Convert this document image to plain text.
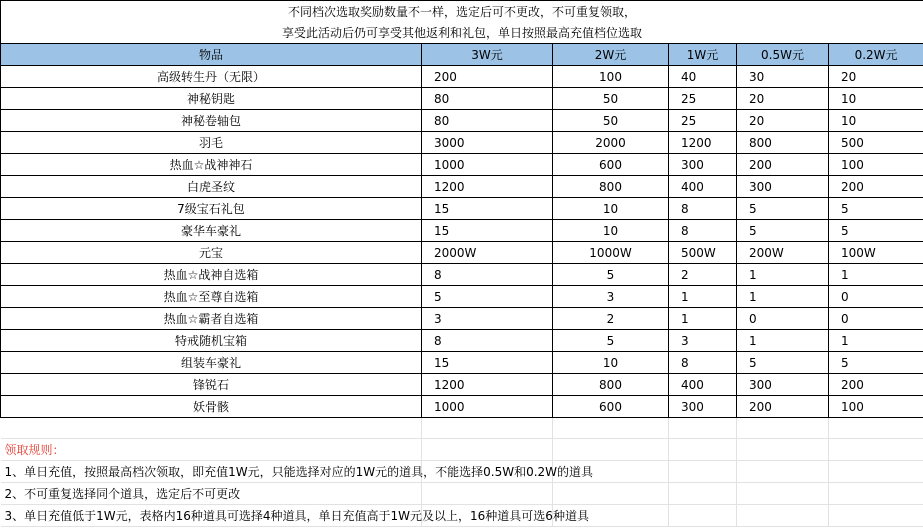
不同档次选取奖励数量不一样，选定后可不更改，不可重复领取，					
享受此活动后仍可享受其他返利和礼包，单日按照最高充值档位选取					
物品	3W元	2W元	1W元	0.5W元	0.2W元
高级转生丹（无限）	200	100	40	30	20
神秘钥匙	80	50	25	20	10
神秘卷轴包	80	50	25	20	10
羽毛	3000	2000	1200	800	500
热血☆战神神石	1000	600	300	200	100
白虎圣纹	1200	800	400	300	200
7级宝石礼包	15	10	8	5	5
豪华车豪礼	15	10	8	5	5
元宝	2000W	1000W	500W	200W	100W
热血☆战神自选箱	8	5	2	1	1
热血☆至尊自选箱	5	3	1	1	0
热血☆霸者自选箱	3	2	1	0	0
特戒随机宝箱	8	5	3	1	1
组装车豪礼	15	10	8	5	5
锋锐石	1200	800	400	300	200
妖骨骸	1000	600	300	200	100

领取规则：					
1、单日充值，按照最高档次领取，即充值1W元，只能选择对应的1W元的道具，不能选择0.5W和0.2W的道具					
2、不可重复选择同个道具，选定后不可更改					
3、单日充值低于1W元，表格内16种道具可选择4种道具，单日充值高于1W元及以上，16种道具可选6种道具					
